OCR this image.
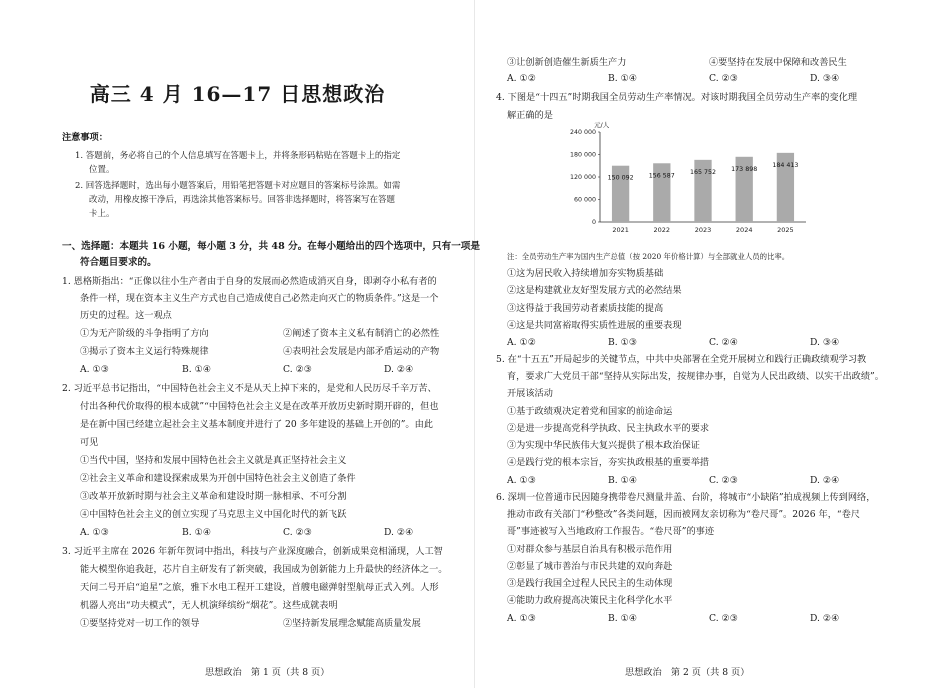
高三 4 月 16—17 日思想政治
注意事项：
1. 答题前，务必将自己的个人信息填写在答题卡上，并将条形码粘贴在答题卡上的指定
位置。
2. 回答选择题时，选出每小题答案后，用铅笔把答题卡对应题目的答案标号涂黑。如需
改动，用橡皮擦干净后，再选涂其他答案标号。回答非选择题时，将答案写在答题
卡上。
一、选择题：本题共 16 小题，每小题 3 分，共 48 分。在每小题给出的四个选项中，只有一项是
符合题目要求的。
1. 恩格斯指出：“正像以往小生产者由于自身的发展而必然造成消灭自身，即剥夺小私有者的
条件一样，现在资本主义生产方式也自己造成使自己必然走向灭亡的物质条件。”这是一个
历史的过程。这一观点
①为无产阶级的斗争指明了方向	②阐述了资本主义私有制消亡的必然性
③揭示了资本主义运行特殊规律	④表明社会发展是内部矛盾运动的产物
A. ①③	B. ①④	C. ②③	D. ②④
2. 习近平总书记指出，“中国特色社会主义不是从天上掉下来的，是党和人民历尽千辛万苦、
付出各种代价取得的根本成就”“中国特色社会主义是在改革开放历史新时期开辟的，但也
是在新中国已经建立起社会主义基本制度并进行了 20 多年建设的基础上开创的”。由此
可见
①当代中国，坚持和发展中国特色社会主义就是真正坚持社会主义
②社会主义革命和建设探索成果为开创中国特色社会主义创造了条件
③改革开放新时期与社会主义革命和建设时期一脉相承、不可分割
④中国特色社会主义的创立实现了马克思主义中国化时代的新飞跃
A. ①③	B. ①④	C. ②③	D. ②④
3. 习近平主席在 2026 年新年贺词中指出，科技与产业深度融合，创新成果竞相涌现，人工智
能大模型你追我赶，芯片自主研发有了新突破，我国成为创新能力上升最快的经济体之一。
天问二号开启“追星”之旅，雅下水电工程开工建设，首艘电磁弹射型航母正式入列。人形
机器人亮出“功夫模式”，无人机演绎缤纷“烟花”。这些成就表明
①要坚持党对一切工作的领导	②坚持新发展理念赋能高质量发展
思想政治　第 1 页（共 8 页）
③让创新创造催生新质生产力	④要坚持在发展中保障和改善民生
A. ①②	B. ①④	C. ②③	D. ③④
4. 下图是“十四五”时期我国全员劳动生产率情况。对该时期我国全员劳动生产率的变化理
解正确的是
注：全员劳动生产率为国内生产总值（按 2020 年价格计算）与全部就业人员的比率。
①这为居民收入持续增加夯实物质基础
②这是构建就业友好型发展方式的必然结果
③这得益于我国劳动者素质技能的提高
④这是共同富裕取得实质性进展的重要表现
A. ①②	B. ①③	C. ②④	D. ③④
5. 在“十五五”开局起步的关键节点，中共中央部署在全党开展树立和践行正确政绩观学习教
育，要求广大党员干部“坚持从实际出发，按规律办事，自觉为人民出政绩、以实干出政绩”。
开展该活动
①基于政绩观决定着党和国家的前途命运
②是进一步提高党科学执政、民主执政水平的要求
③为实现中华民族伟大复兴提供了根本政治保证
④是践行党的根本宗旨，夯实执政根基的重要举措
A. ①③	B. ①④	C. ②③	D. ②④
6. 深圳一位普通市民因随身携带卷尺测量井盖、台阶，将城市“小缺陷”拍成视频上传到网络，
推动市政有关部门“秒整改”各类问题，因而被网友亲切称为“卷尺哥”。2026 年，“卷尺
哥”事迹被写入当地政府工作报告。“卷尺哥”的事迹
①对群众参与基层自治具有积极示范作用
②彰显了城市善治与市民共建的双向奔赴
③是践行我国全过程人民民主的生动体现
④能助力政府提高决策民主化科学化水平
A. ①③	B. ①④	C. ②③	D. ②④
思想政治　第 2 页（共 8 页）
元/人
0
60 000
120 000
180 000
240 000
150 092
2021
156 587
2022
165 752
2023
173 898
2024
184 413
2025
